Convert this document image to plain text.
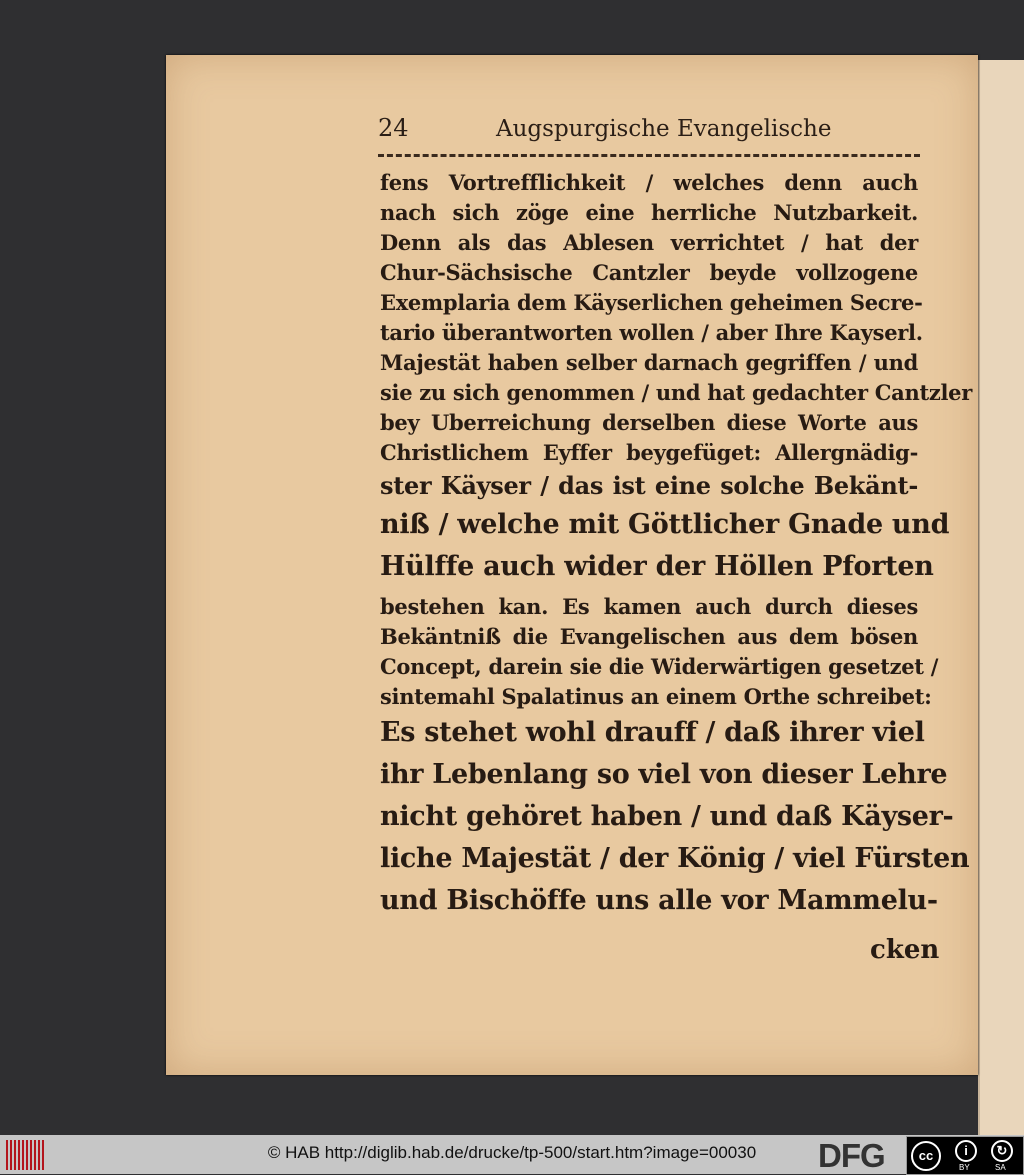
24	Augspurgische Evangelische
fens Vortrefflichkeit / welches denn auch
nach sich zöge eine herrliche Nutzbarkeit.
Denn als das Ablesen verrichtet / hat der
Chur-Sächsische Cantzler beyde vollzogene
Exemplaria dem Käyserlichen geheimen Secre-
tario überantworten wollen / aber Ihre Kayserl.
Majestät haben selber darnach gegriffen / und
sie zu sich genommen / und hat gedachter Cantzler
bey Uberreichung derselben diese Worte aus
Christlichem Eyffer beygefüget: Allergnädig-
ster Käyser / das ist eine solche Bekänt-
niß / welche mit Göttlicher Gnade und
Hülffe auch wider der Höllen Pforten
bestehen kan. Es kamen auch durch dieses
Bekäntniß die Evangelischen aus dem bösen
Concept, darein sie die Widerwärtigen gesetzet /
sintemahl Spalatinus an einem Orthe schreibet:
Es stehet wohl drauff / daß ihrer viel
ihr Lebenlang so viel von dieser Lehre
nicht gehöret haben / und daß Käyser-
liche Majestät / der König / viel Fürsten
und Bischöffe uns alle vor Mammelu-
cken
© HAB http://diglib.hab.de/drucke/tp-500/start.htm?image=00030	DFG	cc	i	↻
BY	SA
